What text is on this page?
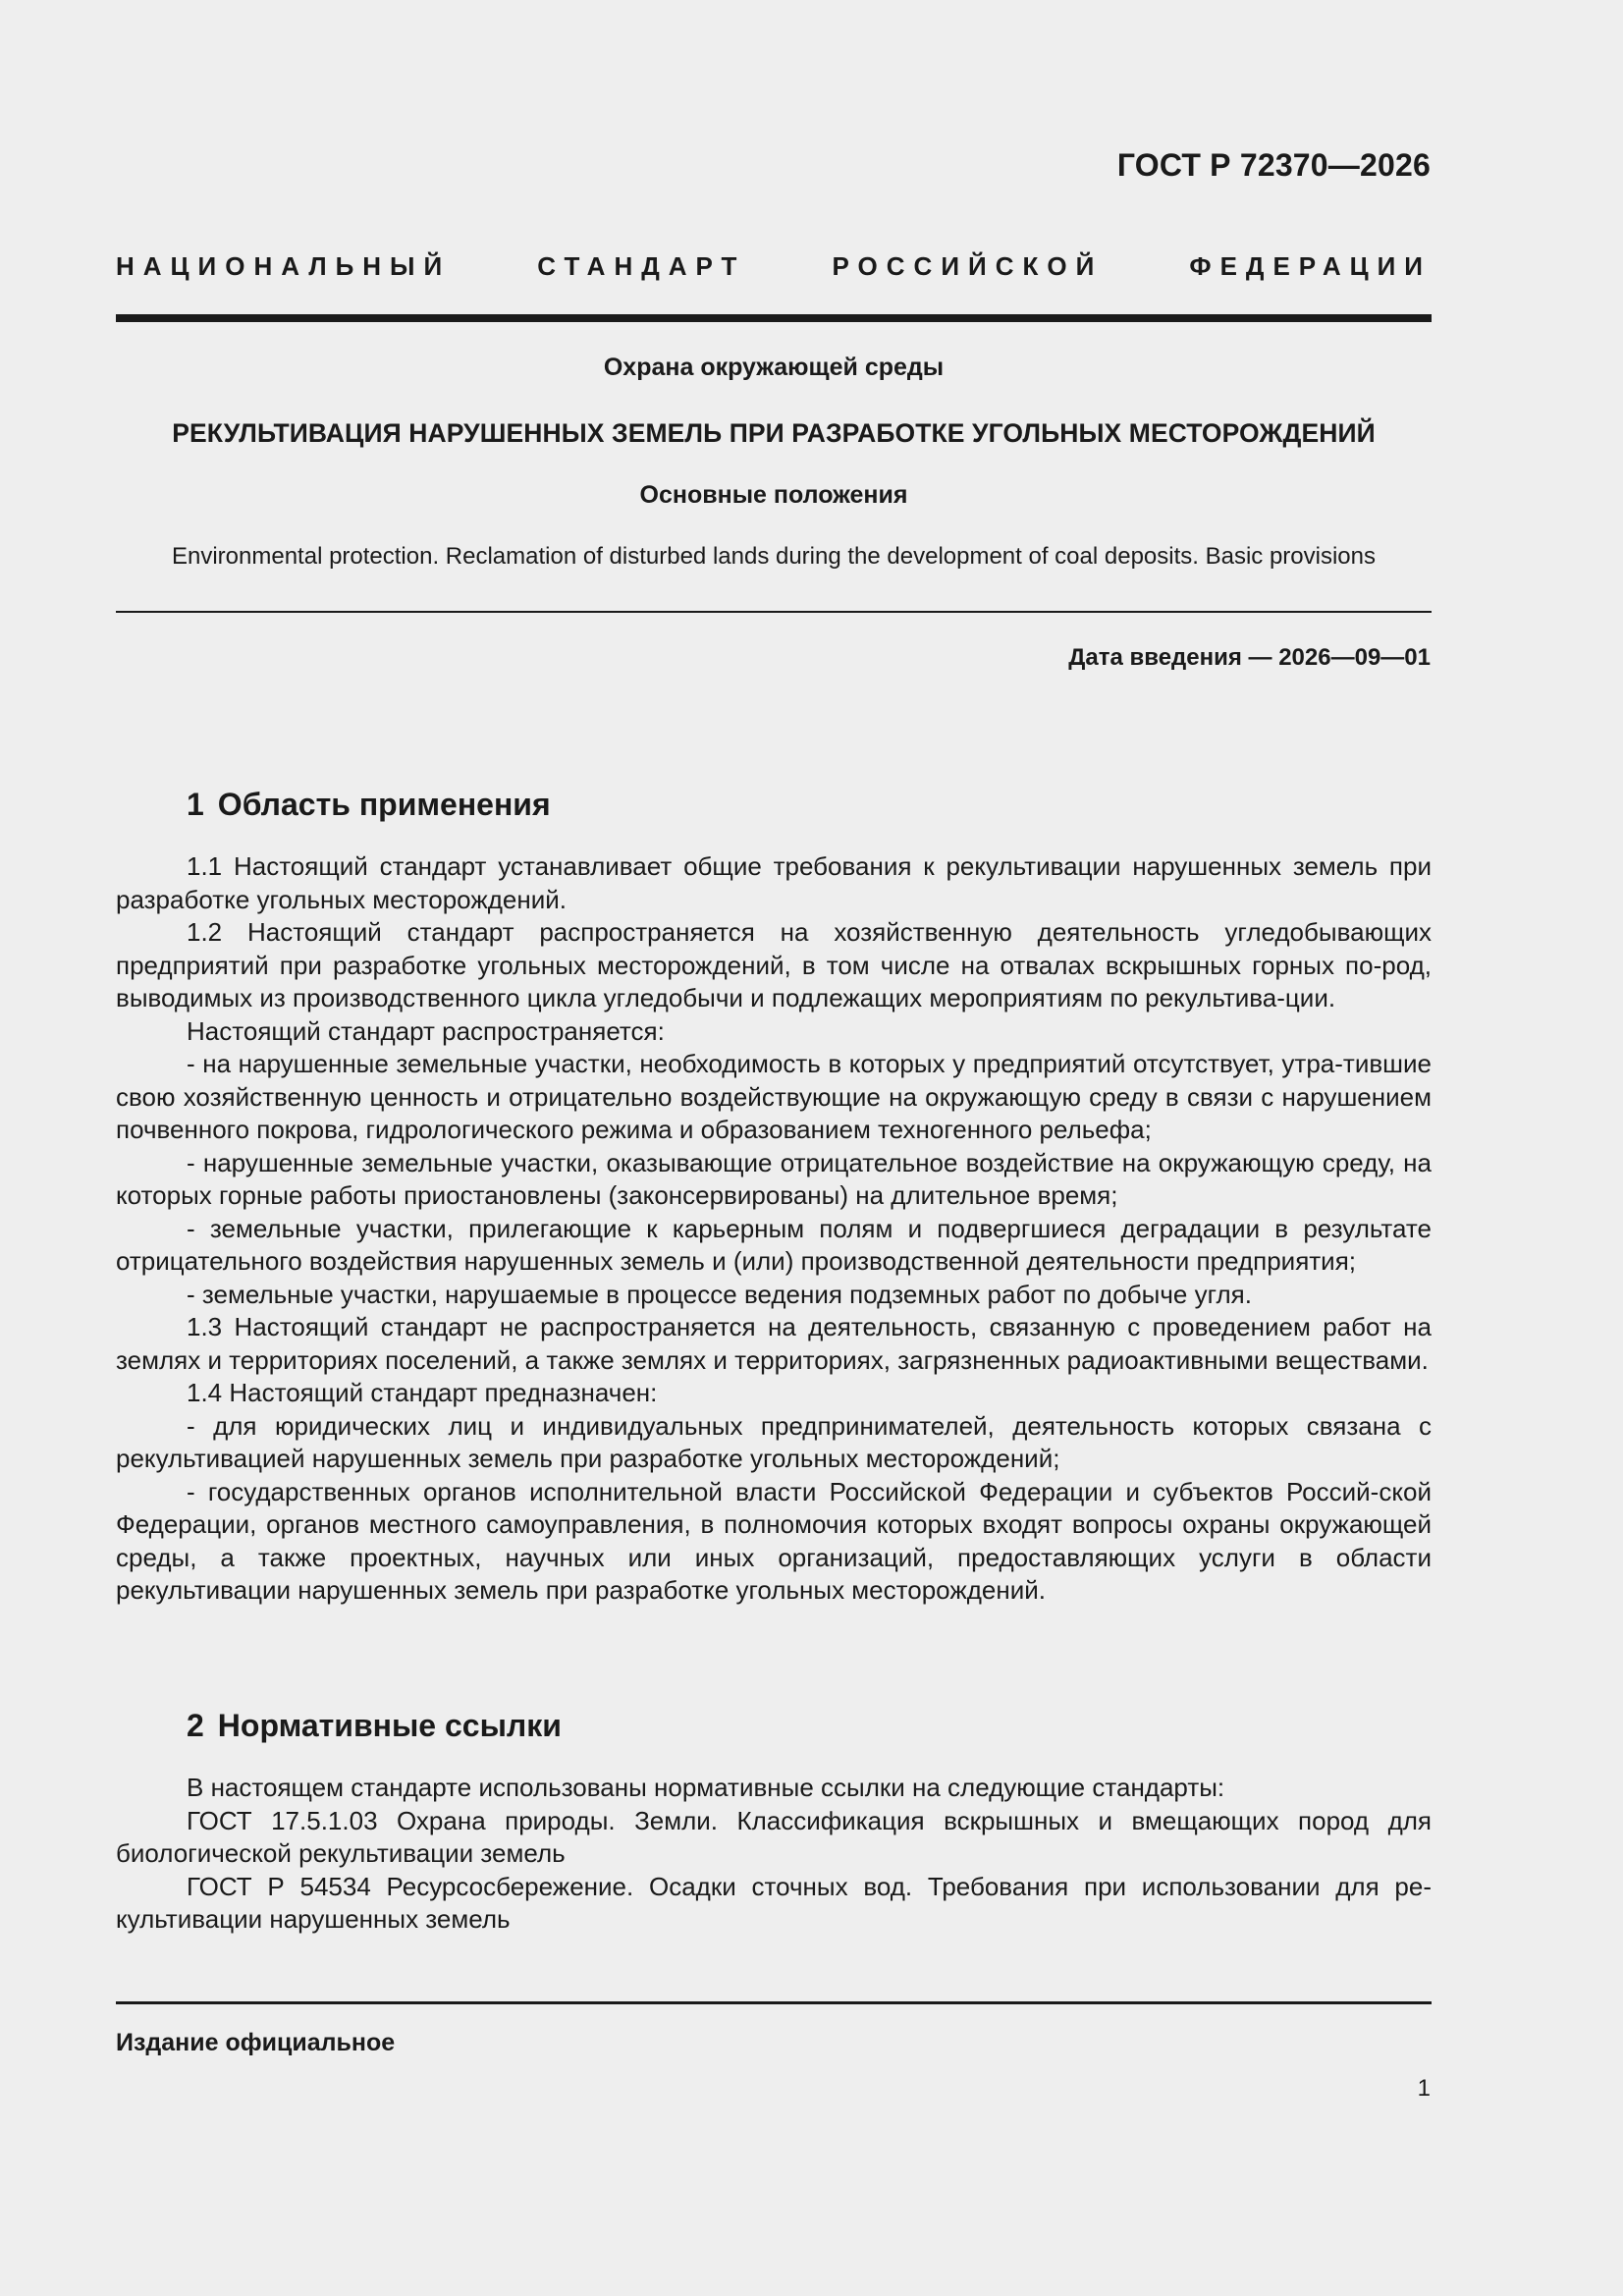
ГОСТ Р 72370—2026
НАЦИОНАЛЬНЫЙ СТАНДАРТ РОССИЙСКОЙ ФЕДЕРАЦИИ
Охрана окружающей среды
РЕКУЛЬТИВАЦИЯ НАРУШЕННЫХ ЗЕМЕЛЬ ПРИ РАЗРАБОТКЕ УГОЛЬНЫХ МЕСТОРОЖДЕНИЙ
Основные положения
Environmental protection. Reclamation of disturbed lands during the development of coal deposits. Basic provisions
Дата введения — 2026—09—01
1 Область применения

1.1 Настоящий стандарт устанавливает общие требования к рекультивации нарушенных земель при разработке угольных месторождений.

1.2 Настоящий стандарт распространяется на хозяйственную деятельность угледобывающих предприятий при разработке угольных месторождений, в том числе на отвалах вскрышных горных по-род, выводимых из производственного цикла угледобычи и подлежащих мероприятиям по рекультива-ции.

Настоящий стандарт распространяется:

- на нарушенные земельные участки, необходимость в которых у предприятий отсутствует, утра-тившие свою хозяйственную ценность и отрицательно воздействующие на окружающую среду в связи с нарушением почвенного покрова, гидрологического режима и образованием техногенного рельефа;

- нарушенные земельные участки, оказывающие отрицательное воздействие на окружающую среду, на которых горные работы приостановлены (законсервированы) на длительное время;

- земельные участки, прилегающие к карьерным полям и подвергшиеся деградации в результате отрицательного воздействия нарушенных земель и (или) производственной деятельности предприятия;

- земельные участки, нарушаемые в процессе ведения подземных работ по добыче угля.

1.3 Настоящий стандарт не распространяется на деятельность, связанную с проведением работ на землях и территориях поселений, а также землях и территориях, загрязненных радиоактивными веществами.

1.4 Настоящий стандарт предназначен:

- для юридических лиц и индивидуальных предпринимателей, деятельность которых связана с рекультивацией нарушенных земель при разработке угольных месторождений;

- государственных органов исполнительной власти Российской Федерации и субъектов Россий-ской Федерации, органов местного самоуправления, в полномочия которых входят вопросы охраны окружающей среды, а также проектных, научных или иных организаций, предоставляющих услуги в области рекультивации нарушенных земель при разработке угольных месторождений.

2 Нормативные ссылки

В настоящем стандарте использованы нормативные ссылки на следующие стандарты:

ГОСТ 17.5.1.03 Охрана природы. Земли. Классификация вскрышных и вмещающих пород для биологической рекультивации земель

ГОСТ Р 54534 Ресурсосбережение. Осадки сточных вод. Требования при использовании для ре-культивации нарушенных земель

Издание официальное
1
